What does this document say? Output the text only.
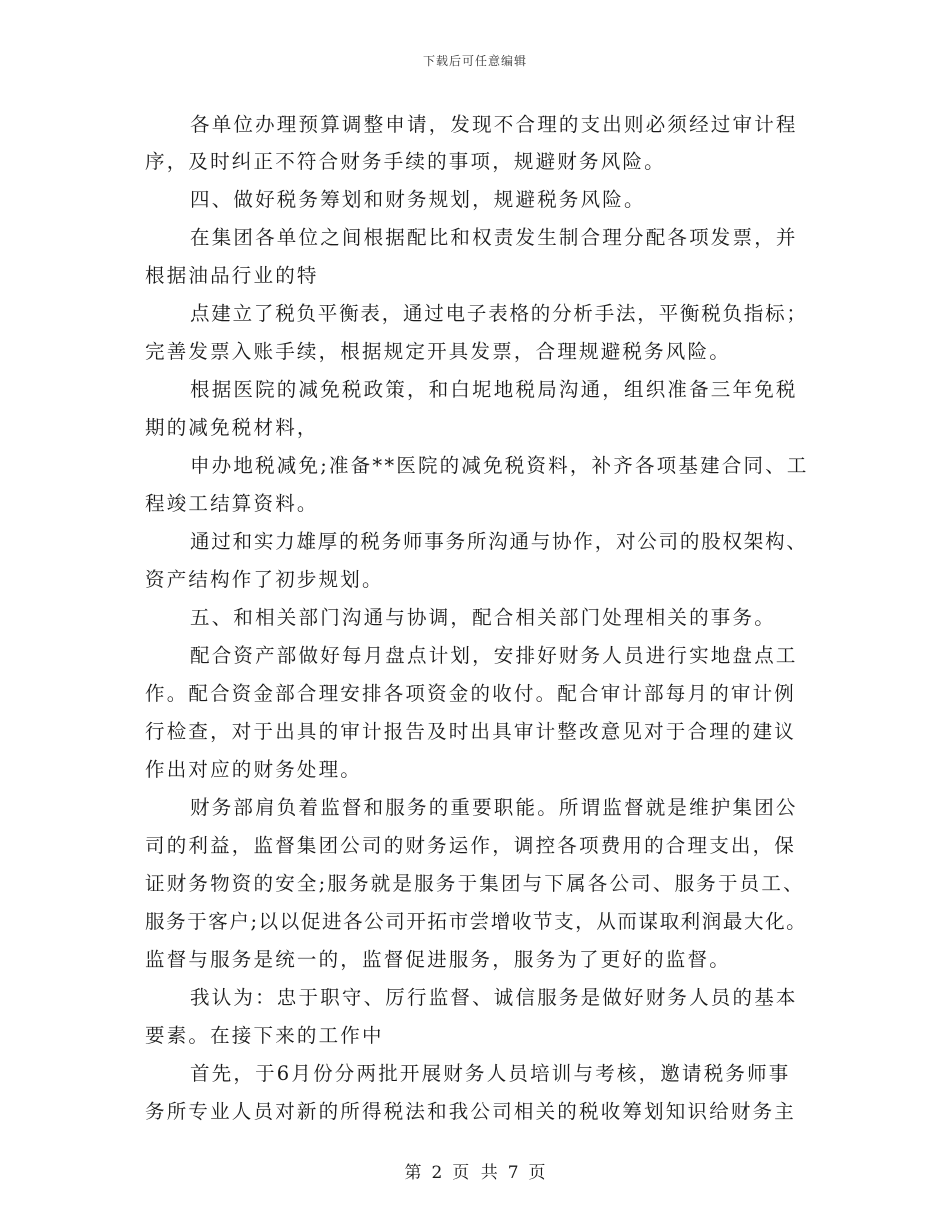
下载后可任意编辑
各单位办理预算调整申请，发现不合理的支出则必须经过审计程
序，及时纠正不符合财务手续的事项，规避财务风险。
四、做好税务筹划和财务规划，规避税务风险。
在集团各单位之间根据配比和权责发生制合理分配各项发票，并
根据油品行业的特
点建立了税负平衡表，通过电子表格的分析手法，平衡税负指标；
完善发票入账手续，根据规定开具发票，合理规避税务风险。
根据医院的减免税政策，和白坭地税局沟通，组织准备三年免税
期的减免税材料，
申办地税减免;准备**医院的减免税资料，补齐各项基建合同、工
程竣工结算资料。
通过和实力雄厚的税务师事务所沟通与协作，对公司的股权架构、
资产结构作了初步规划。
五、和相关部门沟通与协调，配合相关部门处理相关的事务。
配合资产部做好每月盘点计划，安排好财务人员进行实地盘点工
作。配合资金部合理安排各项资金的收付。配合审计部每月的审计例
行检查，对于出具的审计报告及时出具审计整改意见对于合理的建议
作出对应的财务处理。
财务部肩负着监督和服务的重要职能。所谓监督就是维护集团公
司的利益，监督集团公司的财务运作，调控各项费用的合理支出，保
证财务物资的安全;服务就是服务于集团与下属各公司、服务于员工、
服务于客户;以以促进各公司开拓市尝增收节支，从而谋取利润最大化。
监督与服务是统一的，监督促进服务，服务为了更好的监督。
我认为：忠于职守、厉行监督、诚信服务是做好财务人员的基本
要素。在接下来的工作中
首先，于6月份分两批开展财务人员培训与考核，邀请税务师事
务所专业人员对新的所得税法和我公司相关的税收筹划知识给财务主
第 2 页 共 7 页
